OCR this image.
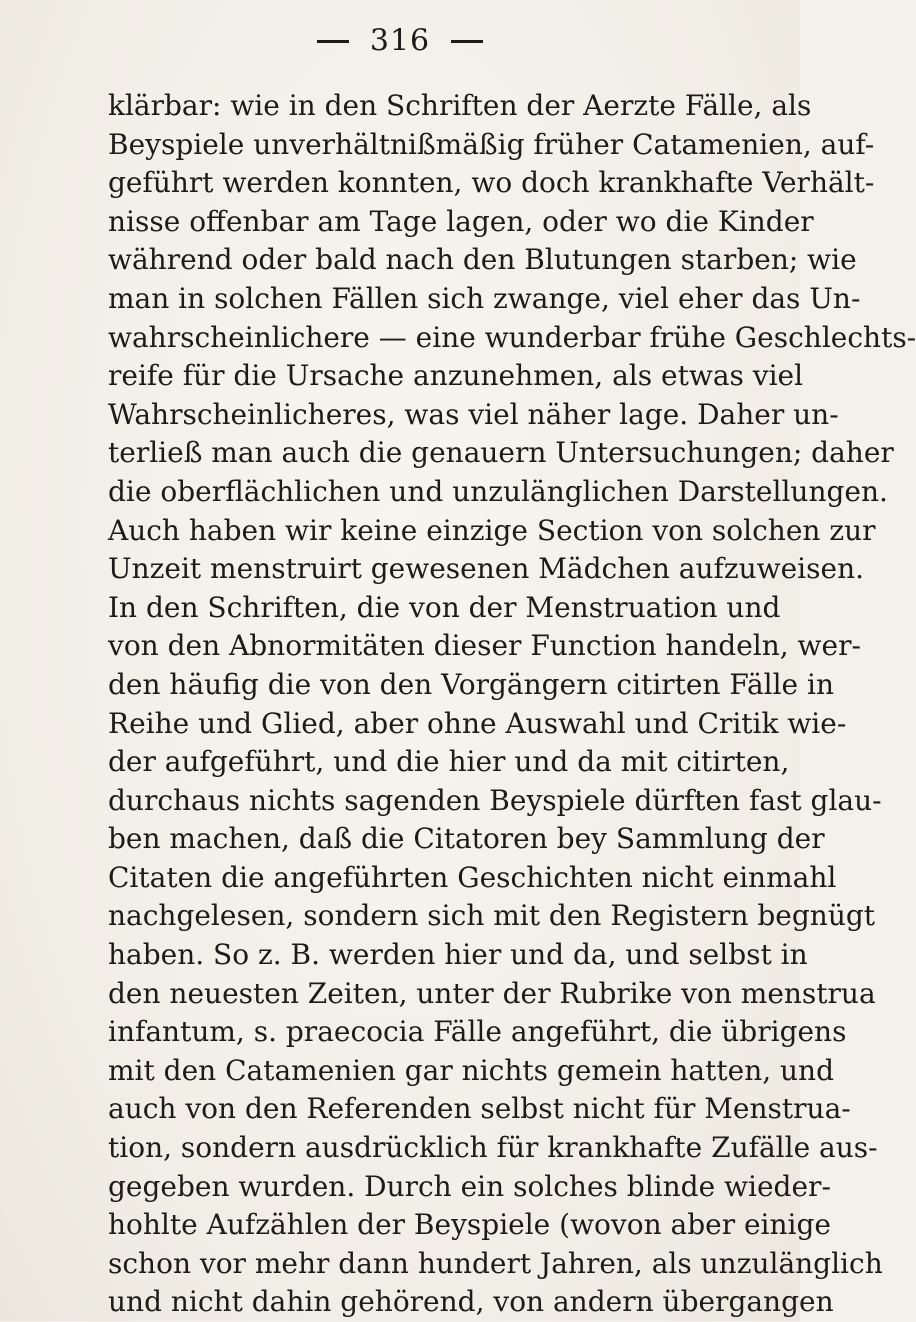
316
klärbar: wie in den Schriften der Aerzte Fälle, als
Beyspiele unverhältnißmäßig früher Catamenien, auf-
geführt werden konnten, wo doch krankhafte Verhält-
nisse offenbar am Tage lagen, oder wo die Kinder
während oder bald nach den Blutungen starben; wie
man in solchen Fällen sich zwange, viel eher das Un-
wahrscheinlichere — eine wunderbar frühe Geschlechts-
reife für die Ursache anzunehmen, als etwas viel
Wahrscheinlicheres, was viel näher lage. Daher un-
terließ man auch die genauern Untersuchungen; daher
die oberflächlichen und unzulänglichen Darstellungen.
Auch haben wir keine einzige Section von solchen zur
Unzeit menstruirt gewesenen Mädchen aufzuweisen.
In den Schriften, die von der Menstruation und
von den Abnormitäten dieser Function handeln, wer-
den häufig die von den Vorgängern citirten Fälle in
Reihe und Glied, aber ohne Auswahl und Critik wie-
der aufgeführt, und die hier und da mit citirten,
durchaus nichts sagenden Beyspiele dürften fast glau-
ben machen, daß die Citatoren bey Sammlung der
Citaten die angeführten Geschichten nicht einmahl
nachgelesen, sondern sich mit den Registern begnügt
haben. So z. B. werden hier und da, und selbst in
den neuesten Zeiten, unter der Rubrike von menstrua
infantum, s. praecocia Fälle angeführt, die übrigens
mit den Catamenien gar nichts gemein hatten, und
auch von den Referenden selbst nicht für Menstrua-
tion, sondern ausdrücklich für krankhafte Zufälle aus-
gegeben wurden. Durch ein solches blinde wieder-
hohlte Aufzählen der Beyspiele (wovon aber einige
schon vor mehr dann hundert Jahren, als unzulänglich
und nicht dahin gehörend, von andern übergangen
